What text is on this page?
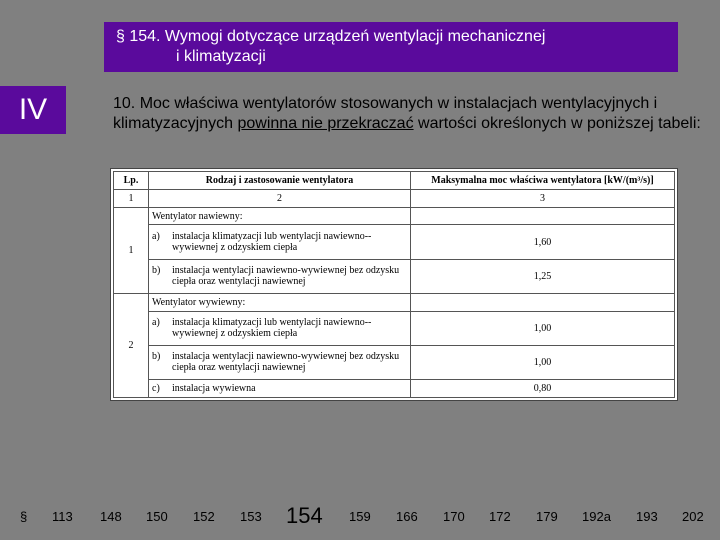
§ 154. Wymogi dotyczące urządzeń wentylacji mechanicznej
i klimatyzacji
IV	10. Moc właściwa wentylatorów stosowanych w instalacjach wentylacyjnych i klimatyzacyjnych powinna nie przekraczać wartości określonych w poniższej tabeli:
Lp.	Rodzaj i zastosowanie wentylatora	Maksymalna moc właściwa wentylatora [kW/(m³/s)]
1	2	3
1	Wentylator nawiewny:	

	a) instalacja klimatyzacji lub wentylacji nawiewno--wywiewnej z odzyskiem ciepła	1,60

	b) instalacja wentylacji nawiewno-wywiewnej bez odzysku ciepła oraz wentylacji nawiewnej	1,25
2	Wentylator wywiewny:	

	a) instalacja klimatyzacji lub wentylacji nawiewno--wywiewnej z odzyskiem ciepła	1,00

	b) instalacja wentylacji nawiewno-wywiewnej bez odzysku ciepła oraz wentylacji nawiewnej	1,00

	c) instalacja wywiewna	0,80
§ 113 148 150 152 153 154 159 166 170 172 179 192a 193 202
